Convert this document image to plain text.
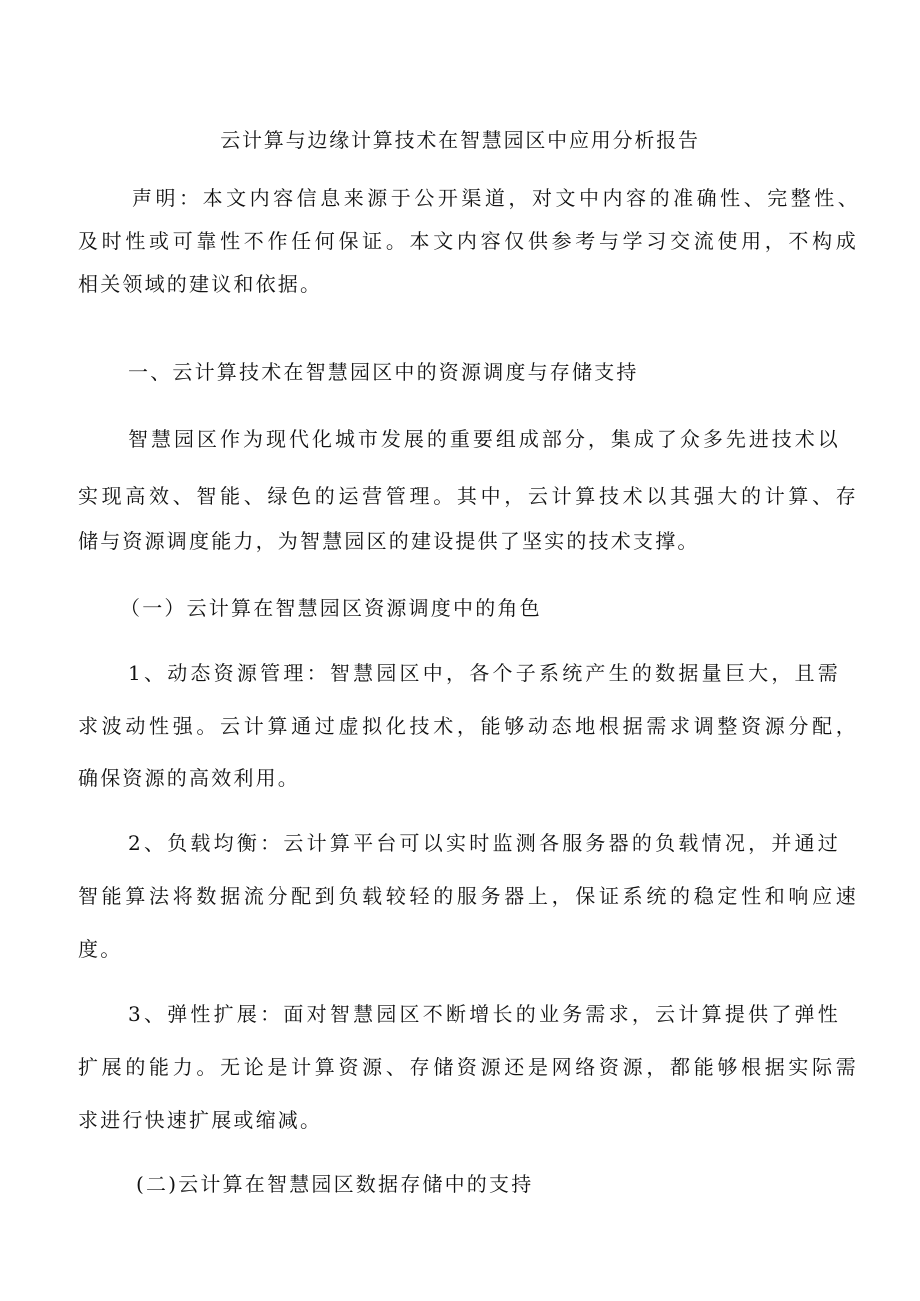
云计算与边缘计算技术在智慧园区中应用分析报告

声明：本文内容信息来源于公开渠道，对文中内容的准确性、完整性、

及时性或可靠性不作任何保证。本文内容仅供参考与学习交流使用，不构成

相关领域的建议和依据。

一、云计算技术在智慧园区中的资源调度与存储支持

智慧园区作为现代化城市发展的重要组成部分，集成了众多先进技术以

实现高效、智能、绿色的运营管理。其中，云计算技术以其强大的计算、存

储与资源调度能力，为智慧园区的建设提供了坚实的技术支撑。

（一）云计算在智慧园区资源调度中的角色

1、动态资源管理：智慧园区中，各个子系统产生的数据量巨大，且需

求波动性强。云计算通过虚拟化技术，能够动态地根据需求调整资源分配，

确保资源的高效利用。

2、负载均衡：云计算平台可以实时监测各服务器的负载情况，并通过

智能算法将数据流分配到负载较轻的服务器上，保证系统的稳定性和响应速

度。

3、弹性扩展：面对智慧园区不断增长的业务需求，云计算提供了弹性

扩展的能力。无论是计算资源、存储资源还是网络资源，都能够根据实际需

求进行快速扩展或缩减。

(二)云计算在智慧园区数据存储中的支持
